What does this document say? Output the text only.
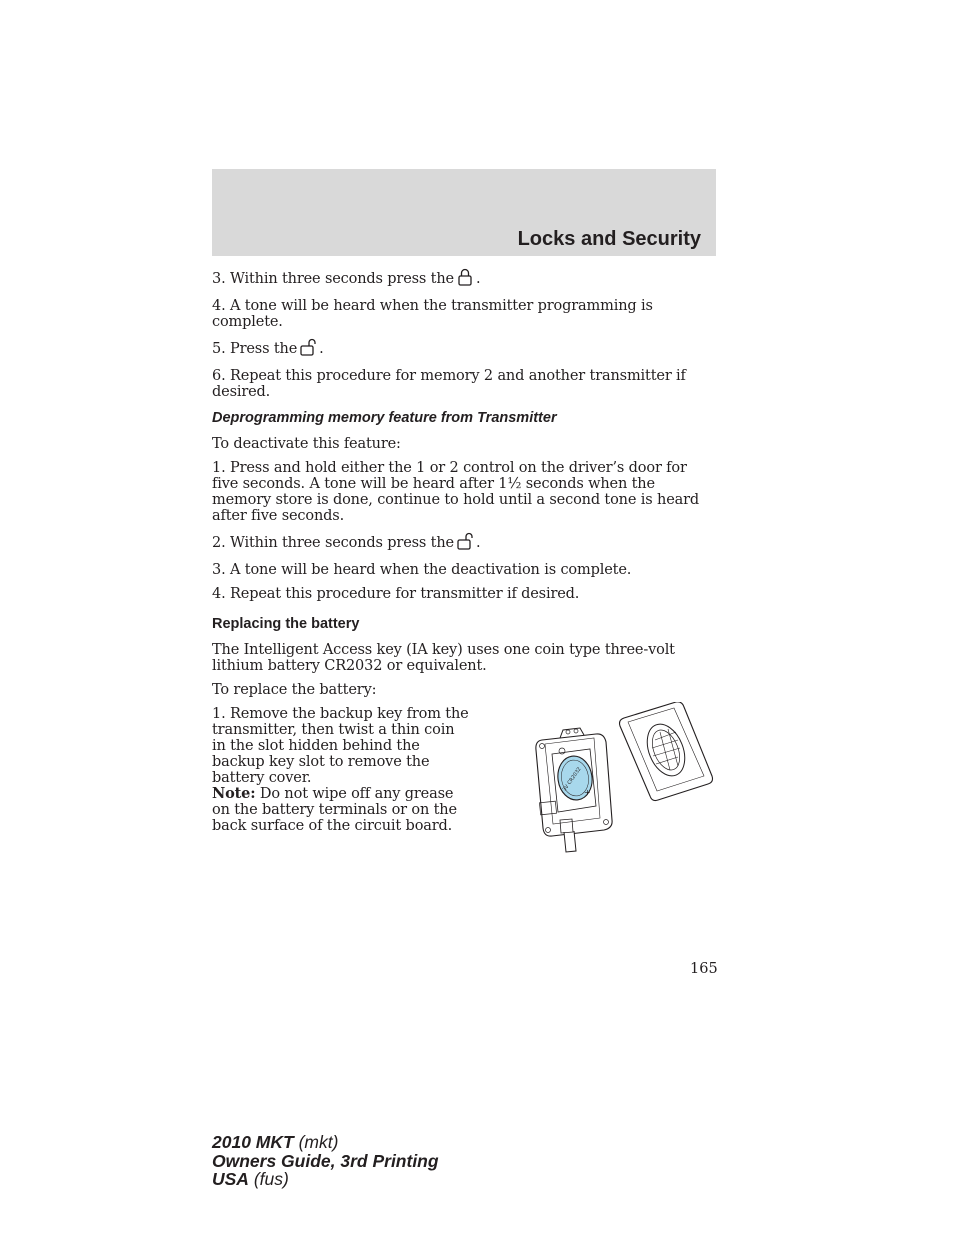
Locks and Security

3. Within three seconds press the .

4. A tone will be heard when the transmitter programming is complete.

5. Press the .

6. Repeat this procedure for memory 2 and another transmitter if desired.

Deprogramming memory feature from Transmitter

To deactivate this feature:

1. Press and hold either the 1 or 2 control on the driver’s door for five seconds. A tone will be heard after 1½ seconds when the memory store is done, continue to hold until a second tone is heard after five seconds.

2. Within three seconds press the .

3. A tone will be heard when the deactivation is complete.

4. Repeat this procedure for transmitter if desired.

Replacing the battery

The Intelligent Access key (IA key) uses one coin type three-volt lithium battery CR2032 or equivalent.

To replace the battery:

1. Remove the backup key from the transmitter, then twist a thin coin in the slot hidden behind the backup key slot to remove the battery cover.

Note: Do not wipe off any grease on the battery terminals or on the back surface of the circuit board.

3V CR2032 +
165
2010 MKT (mkt)
Owners Guide, 3rd Printing
USA (fus)
